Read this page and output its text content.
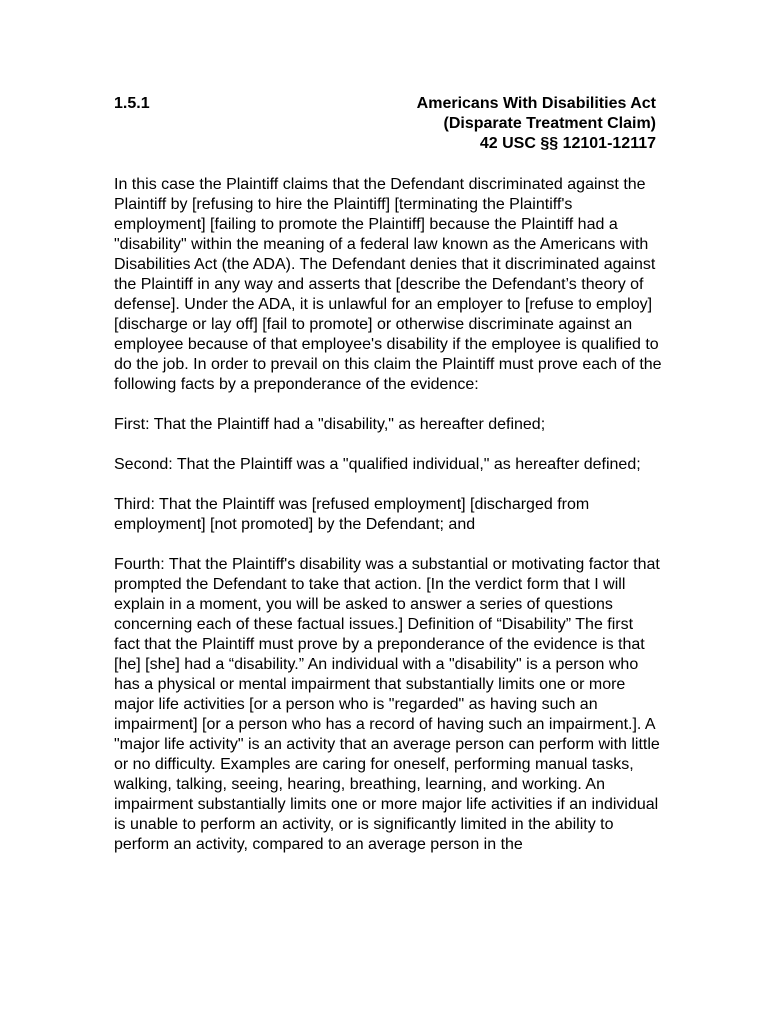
1.5.1	Americans With Disabilities Act
(Disparate Treatment Claim)
42 USC §§ 12101-12117

In this case the Plaintiff claims that the Defendant discriminated against the Plaintiff by [refusing to hire the Plaintiff] [terminating the Plaintiff's employment] [failing to promote the Plaintiff] because the Plaintiff had a "disability" within the meaning of a federal law known as the Americans with Disabilities Act (the ADA). The Defendant denies that it discriminated against the Plaintiff in any way and asserts that [describe the Defendant’s theory of defense]. Under the ADA, it is unlawful for an employer to [refuse to employ] [discharge or lay off] [fail to promote] or otherwise discriminate against an employee because of that employee's disability if the employee is qualified to do the job. In order to prevail on this claim the Plaintiff must prove each of the following facts by a preponderance of the evidence:

First: That the Plaintiff had a "disability," as hereafter defined;

Second: That the Plaintiff was a "qualified individual," as hereafter defined;

Third: That the Plaintiff was [refused employment] [discharged from employment] [not promoted] by the Defendant; and

Fourth: That the Plaintiff's disability was a substantial or motivating factor that prompted the Defendant to take that action. [In the verdict form that I will explain in a moment, you will be asked to answer a series of questions concerning each of these factual issues.] Definition of “Disability” The first fact that the Plaintiff must prove by a preponderance of the evidence is that [he] [she] had a “disability.” An individual with a "disability" is a person who has a physical or mental impairment that substantially limits one or more major life activities [or a person who is "regarded" as having such an impairment] [or a person who has a record of having such an impairment.]. A "major life activity" is an activity that an average person can perform with little or no difficulty. Examples are caring for oneself, performing manual tasks, walking, talking, seeing, hearing, breathing, learning, and working. An impairment substantially limits one or more major life activities if an individual is unable to perform an activity, or is significantly limited in the ability to perform an activity, compared to an average person in the
